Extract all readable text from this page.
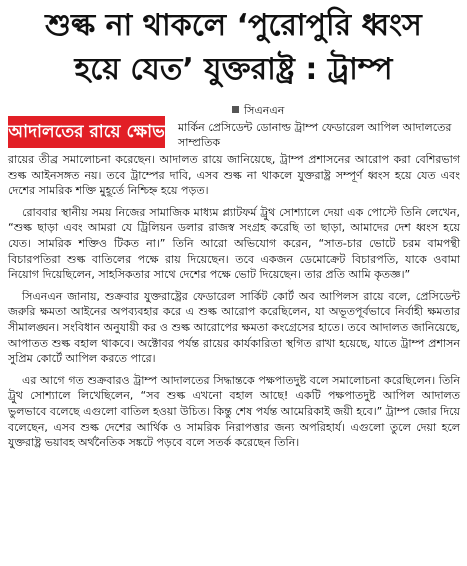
শুল্ক না থাকলে ‘পুরোপুরি ধ্বংস
হয়ে যেত’ যুক্তরাষ্ট্র : ট্রাম্প
আদালতের রায়ে ক্ষোভ
সিএনএন
মার্কিন প্রেসিডেন্ট ডোনাল্ড ট্রাম্প ফেডারেল আপিল আদালতের সাম্প্রতিক

রায়ের তীব্র সমালোচনা করেছেন। আদালত রায়ে জানিয়েছে, ট্রাম্প প্রশাসনের আরোপ করা বেশিরভাগ শুল্ক আইনসঙ্গত নয়। তবে ট্রাম্পের দাবি, এসব শুল্ক না থাকলে যুক্তরাষ্ট্র সম্পূর্ণ ধ্বংস হয়ে যেত এবং দেশের সামরিক শক্তি মুহূর্তে নিশ্চিহ্ন হয়ে পড়ত।

রোববার স্থানীয় সময় নিজের সামাজিক মাধ্যম প্ল্যাটফর্ম ট্রুথ সোশ্যালে দেয়া এক পোস্টে তিনি লেখেন, “শুল্ক ছাড়া এবং আমরা যে ট্রিলিয়ন ডলার রাজস্ব সংগ্রহ করেছি তা ছাড়া, আমাদের দেশ ধ্বংস হয়ে যেত। সামরিক শক্তিও টিকত না।” তিনি আরো অভিযোগ করেন, “সাত-চার ভোটে চরম বামপন্থী বিচারপতিরা শুল্ক বাতিলের পক্ষে রায় দিয়েছেন। তবে একজন ডেমোক্রেট বিচারপতি, যাকে ওবামা নিয়োগ দিয়েছিলেন, সাহসিকতার সাথে দেশের পক্ষে ভোট দিয়েছেন। তার প্রতি আমি কৃতজ্ঞ।”

সিএনএন জানায়, শুক্রবার যুক্তরাষ্ট্রের ফেডারেল সার্কিট কোর্ট অব আপিলস রায়ে বলে, প্রেসিডেন্ট জরুরি ক্ষমতা আইনের অপব্যবহার করে এ শুল্ক আরোপ করেছিলেন, যা অভূতপূর্বভাবে নির্বাহী ক্ষমতার সীমালঙ্ঘন। সংবিধান অনুযায়ী কর ও শুল্ক আরোপের ক্ষমতা কংগ্রেসের হাতে। তবে আদালত জানিয়েছে, আপাতত শুল্ক বহাল থাকবে। অক্টোবর পর্যন্ত রায়ের কার্যকারিতা স্থগিত রাখা হয়েছে, যাতে ট্রাম্প প্রশাসন সুপ্রিম কোর্টে আপিল করতে পারে।

এর আগে গত শুক্রবারও ট্রাম্প আদালতের সিদ্ধান্তকে পক্ষপাতদুষ্ট বলে সমালোচনা করেছিলেন। তিনি ট্রুথ সোশ্যালে লিখেছিলেন, “সব শুল্ক এখনো বহাল আছে! একটি পক্ষপাতদুষ্ট আপিল আদালত ভুলভাবে বলেছে এগুলো বাতিল হওয়া উচিত। কিন্তু শেষ পর্যন্ত আমেরিকাই জয়ী হবে।” ট্রাম্প জোর দিয়ে বলেছেন, এসব শুল্ক দেশের আর্থিক ও সামরিক নিরাপত্তার জন্য অপরিহার্য। এগুলো তুলে দেয়া হলে যুক্তরাষ্ট্র ভয়াবহ অর্থনৈতিক সঙ্কটে পড়বে বলে সতর্ক করেছেন তিনি।
